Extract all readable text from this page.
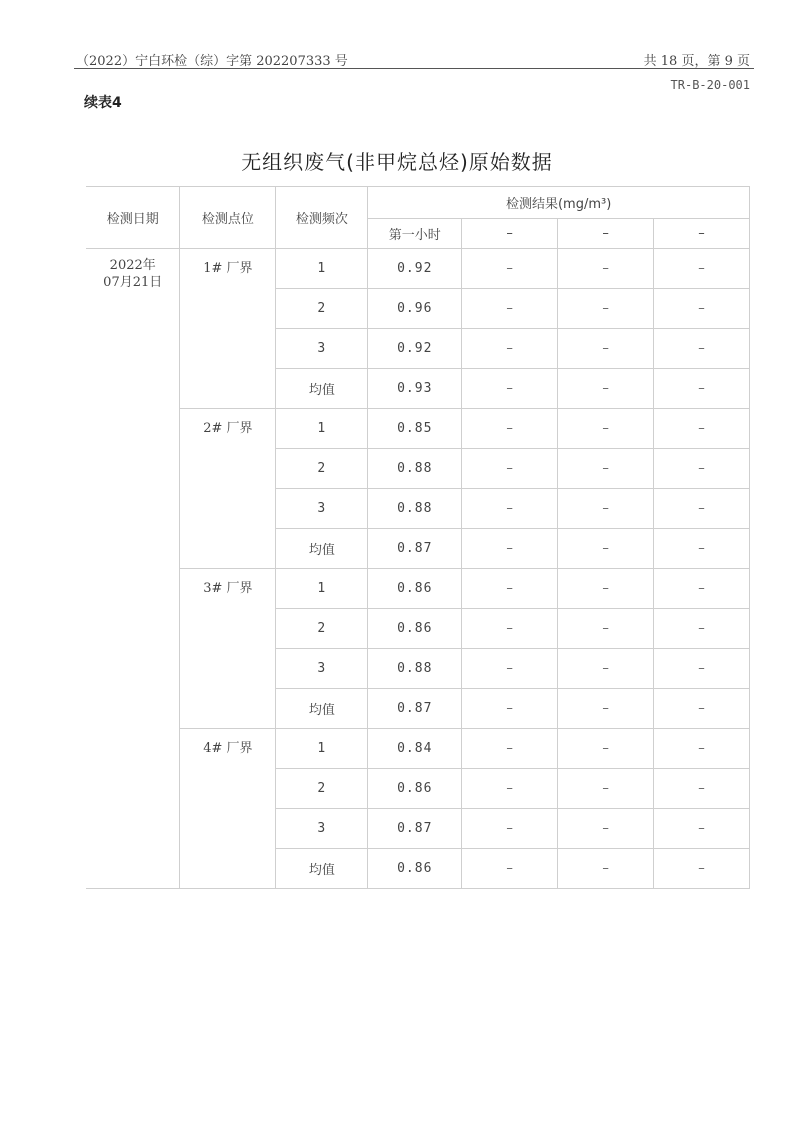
（2022）宁白环检（综）字第 202207333 号	共 18 页，第 9 页
TR-B-20-001
续表4
无组织废气(非甲烷总烃)原始数据
检测日期	检测点位	检测频次	检测结果(mg/m³)			
			第一小时	–	–	–

2022年
07月21日	1# 厂界	1	0.92	–	–	–
		2	0.96	–	–	–
		3	0.92	–	–	–
		均值	0.93	–	–	–
	2# 厂界	1	0.85	–	–	–
		2	0.88	–	–	–
		3	0.88	–	–	–
		均值	0.87	–	–	–
	3# 厂界	1	0.86	–	–	–
		2	0.86	–	–	–
		3	0.88	–	–	–
		均值	0.87	–	–	–
	4# 厂界	1	0.84	–	–	–
		2	0.86	–	–	–
		3	0.87	–	–	–
		均值	0.86	–	–	–
